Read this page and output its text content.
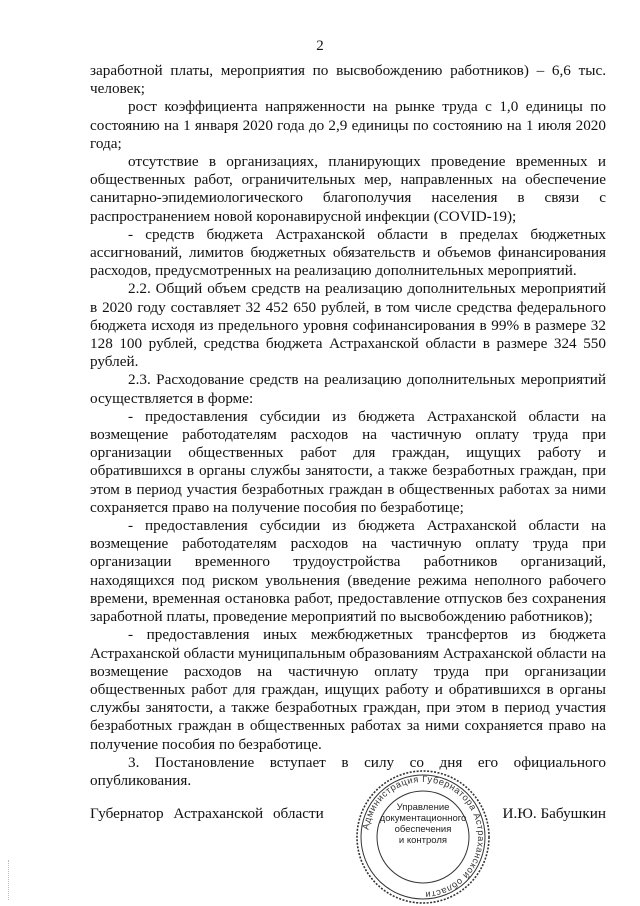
2

заработной платы, мероприятия по высвобождению работников) – 6,6 тыс. человек;

рост коэффициента напряженности на рынке труда с 1,0 единицы по состоянию на 1 января 2020 года до 2,9 единицы по состоянию на 1 июля 2020 года;

отсутствие в организациях, планирующих проведение временных и общественных работ, ограничительных мер, направленных на обеспечение санитарно-эпидемиологического благополучия населения в связи с распространением новой коронавирусной инфекции (COVID-19);

- средств бюджета Астраханской области в пределах бюджетных ассигнований, лимитов бюджетных обязательств и объемов финансирования расходов, предусмотренных на реализацию дополнительных мероприятий.

2.2. Общий объем средств на реализацию дополнительных мероприятий в 2020 году составляет 32 452 650 рублей, в том числе средства федерального бюджета исходя из предельного уровня софинансирования в 99% в размере 32 128 100 рублей, средства бюджета Астраханской области в размере 324 550 рублей.

2.3. Расходование средств на реализацию дополнительных мероприятий осуществляется в форме:

- предоставления субсидии из бюджета Астраханской области на возмещение работодателям расходов на частичную оплату труда при организации общественных работ для граждан, ищущих работу и обратившихся в органы службы занятости, а также безработных граждан, при этом в период участия безработных граждан в общественных работах за ними сохраняется право на получение пособия по безработице;

- предоставления субсидии из бюджета Астраханской области на возмещение работодателям расходов на частичную оплату труда при организации временного трудоустройства работников организаций, находящихся под риском увольнения (введение режима неполного рабочего времени, временная остановка работ, предоставление отпусков без сохранения заработной платы, проведение мероприятий по высвобождению работников);

- предоставления иных межбюджетных трансфертов из бюджета Астраханской области муниципальным образованиям Астраханской области на возмещение расходов на частичную оплату труда при организации общественных работ для граждан, ищущих работу и обратившихся в органы службы занятости, а также безработных граждан, при этом в период участия безработных граждан в общественных работах за ними сохраняется право на получение пособия по безработице.

3. Постановление вступает в силу со дня его официального опубликования.

Губернатор Астраханской области	И.Ю. Бабушкин
Администрация Губернатора Астраханской области
Управление
документационного
обеспечения
и контроля
